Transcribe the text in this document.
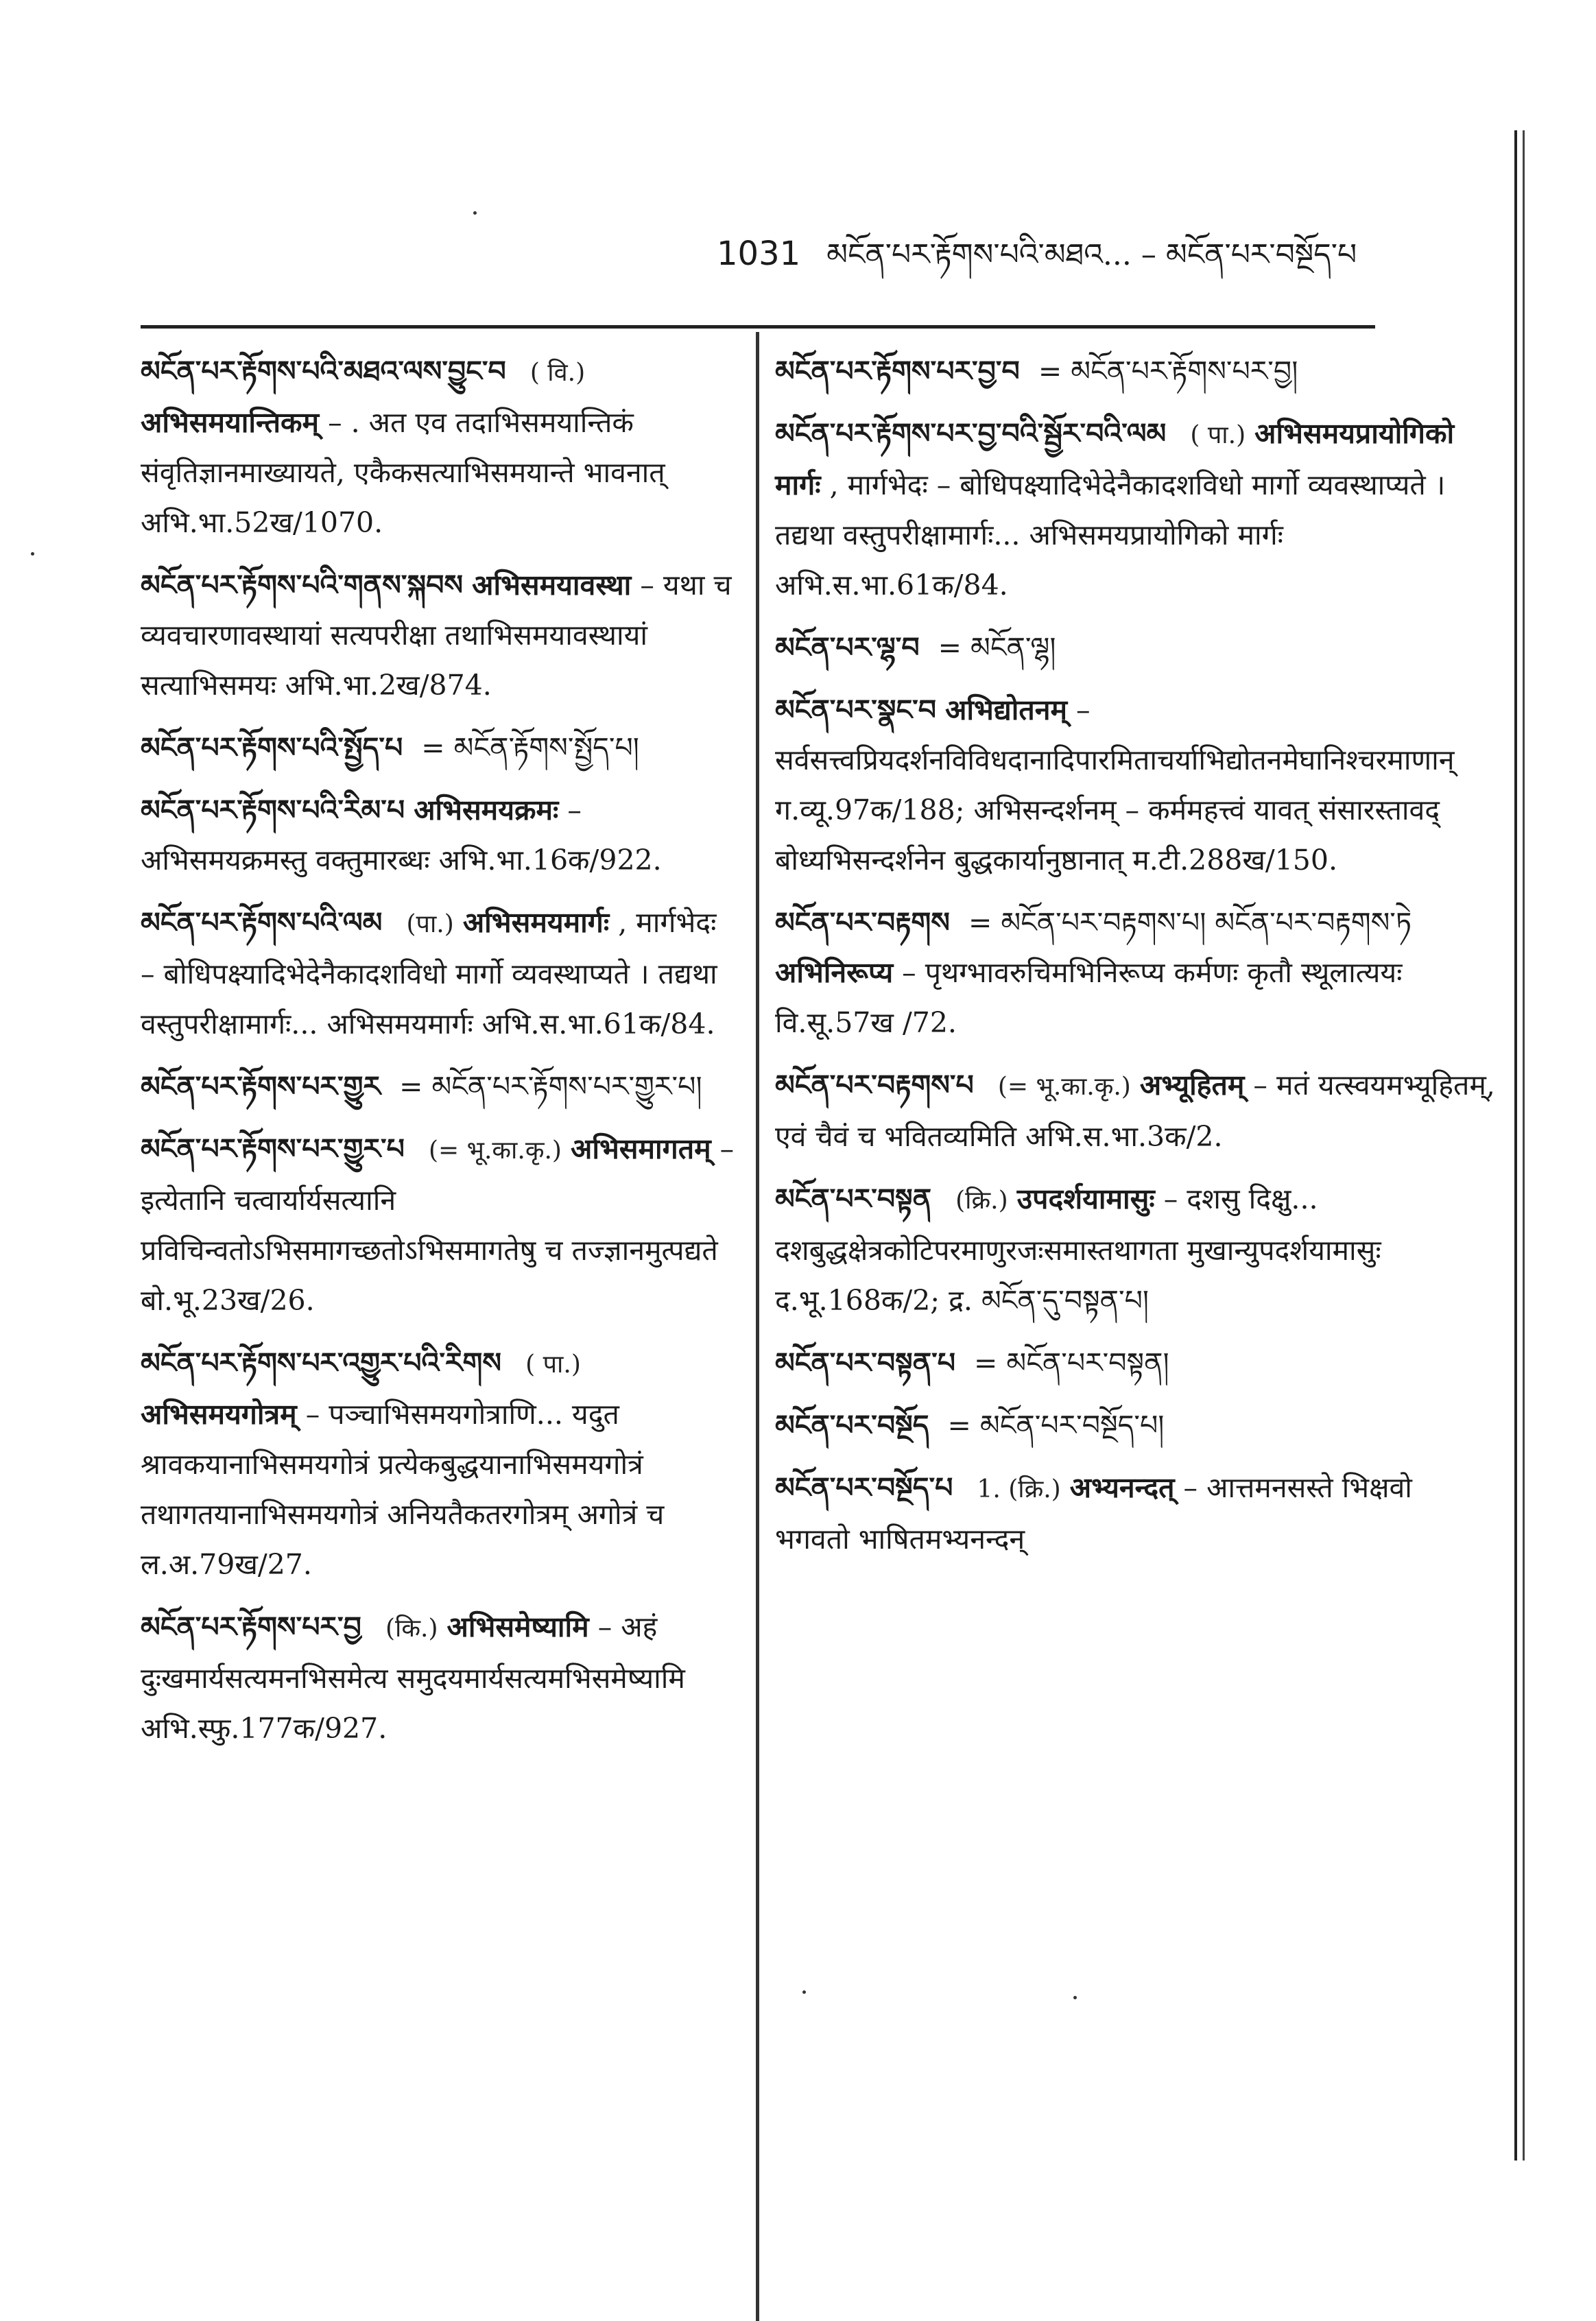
1031 མངོན་པར་རྟོགས་པའི་མཐའ... – མངོན་པར་བསྔོད་པ
མངོན་པར་རྟོགས་པའི་མཐའ་ལས་བྱུང་བ ( वि.) अभिसमयान्तिकम् – . अत एव तदाभिसमयान्तिकं संवृतिज्ञानमाख्यायते, एकैकसत्याभिसमयान्ते भावनात् अभि.भा.52ख/1070.
མངོན་པར་རྟོགས་པའི་གནས་སྐབས अभिसमयावस्था – यथा च व्यवचारणावस्थायां सत्यपरीक्षा तथाभिसमयावस्थायां सत्याभिसमयः अभि.भा.2ख/874.
མངོན་པར་རྟོགས་པའི་སྤྱོད་པ = མངོན་རྟོགས་སྤྱོད་པ།
མངོན་པར་རྟོགས་པའི་རིམ་པ अभिसमयक्रमः – अभिसमयक्रमस्तु वक्तुमारब्धः अभि.भा.16क/922.
མངོན་པར་རྟོགས་པའི་ལམ (पा.) अभिसमयमार्गः , मार्गभेदः – बोधिपक्ष्यादिभेदेनैकादशविधो मार्गो व्यवस्थाप्यते । तद्यथा वस्तुपरीक्षामार्गः... अभिसमयमार्गः अभि.स.भा.61क/84.
མངོན་པར་རྟོགས་པར་གྱུར = མངོན་པར་རྟོགས་པར་གྱུར་པ།
མངོན་པར་རྟོགས་པར་གྱུར་པ (= भू.का.कृ.) अभिसमागतम् – इत्येतानि चत्वार्यार्यसत्यानि प्रविचिन्वतोऽभिसमागच्छतोऽभिसमागतेषु च तज्ज्ञानमुत्पद्यते बो.भू.23ख/26.
མངོན་པར་རྟོགས་པར་འགྱུར་པའི་རིགས ( पा.) अभिसमयगोत्रम् – पञ्चाभिसमयगोत्राणि... यदुत श्रावकयानाभिसमयगोत्रं प्रत्येकबुद्धयानाभिसमयगोत्रं तथागतयानाभिसमयगोत्रं अनियतैकतरगोत्रम् अगोत्रं च ल.अ.79ख/27.
མངོན་པར་རྟོགས་པར་བྱ (कि.) अभिसमेष्यामि – अहं दुःखमार्यसत्यमनभिसमेत्य समुदयमार्यसत्यमभिसमेष्यामि अभि.स्फु.177क/927.
མངོན་པར་རྟོགས་པར་བྱ་བ = མངོན་པར་རྟོགས་པར་བྱ།
མངོན་པར་རྟོགས་པར་བྱ་བའི་སྦྱོར་བའི་ལམ ( पा.) अभिसमयप्रायोगिको मार्गः , मार्गभेदः – बोधिपक्ष्यादिभेदेनैकादशविधो मार्गो व्यवस्थाप्यते । तद्यथा वस्तुपरीक्षामार्गः... अभिसमयप्रायोगिको मार्गः अभि.स.भा.61क/84.
མངོན་པར་ལྷ་བ = མངོན་ལྷ།
མངོན་པར་སྣང་བ अभिद्योतनम् – सर्वसत्त्वप्रियदर्शनविविधदानादिपारमिताचर्याभिद्योतनमेघानिश्चरमाणान् ग.व्यू.97क/188; अभिसन्दर्शनम् – कर्ममहत्त्वं यावत् संसारस्तावद् बोध्यभिसन्दर्शनेन बुद्धकार्यानुष्ठानात् म.टी.288ख/150.
མངོན་པར་བརྟགས = མངོན་པར་བརྟགས་པ། མངོན་པར་བརྟགས་ཏེ अभिनिरूप्य – पृथग्भावरुचिमभिनिरूप्य कर्मणः कृतौ स्थूलात्ययः वि.सू.57ख /72.
མངོན་པར་བརྟགས་པ (= भू.का.कृ.) अभ्यूहितम् – मतं यत्स्वयमभ्यूहितम्, एवं चैवं च भवितव्यमिति अभि.स.भा.3क/2.
མངོན་པར་བསྟན (क्रि.) उपदर्शयामासुः – दशसु दिक्षु... दशबुद्धक्षेत्रकोटिपरमाणुरजःसमास्तथागता मुखान्युपदर्शयामासुः द.भू.168क/2; द्र. མངོན་དུ་བསྟན་པ།
མངོན་པར་བསྟན་པ = མངོན་པར་བསྟན།
མངོན་པར་བསྔོད = མངོན་པར་བསྔོད་པ།
མངོན་པར་བསྔོད་པ 1. (क्रि.) अभ्यनन्दत् – आत्तमनसस्ते भिक्षवो भगवतो भाषितमभ्यनन्दन्
